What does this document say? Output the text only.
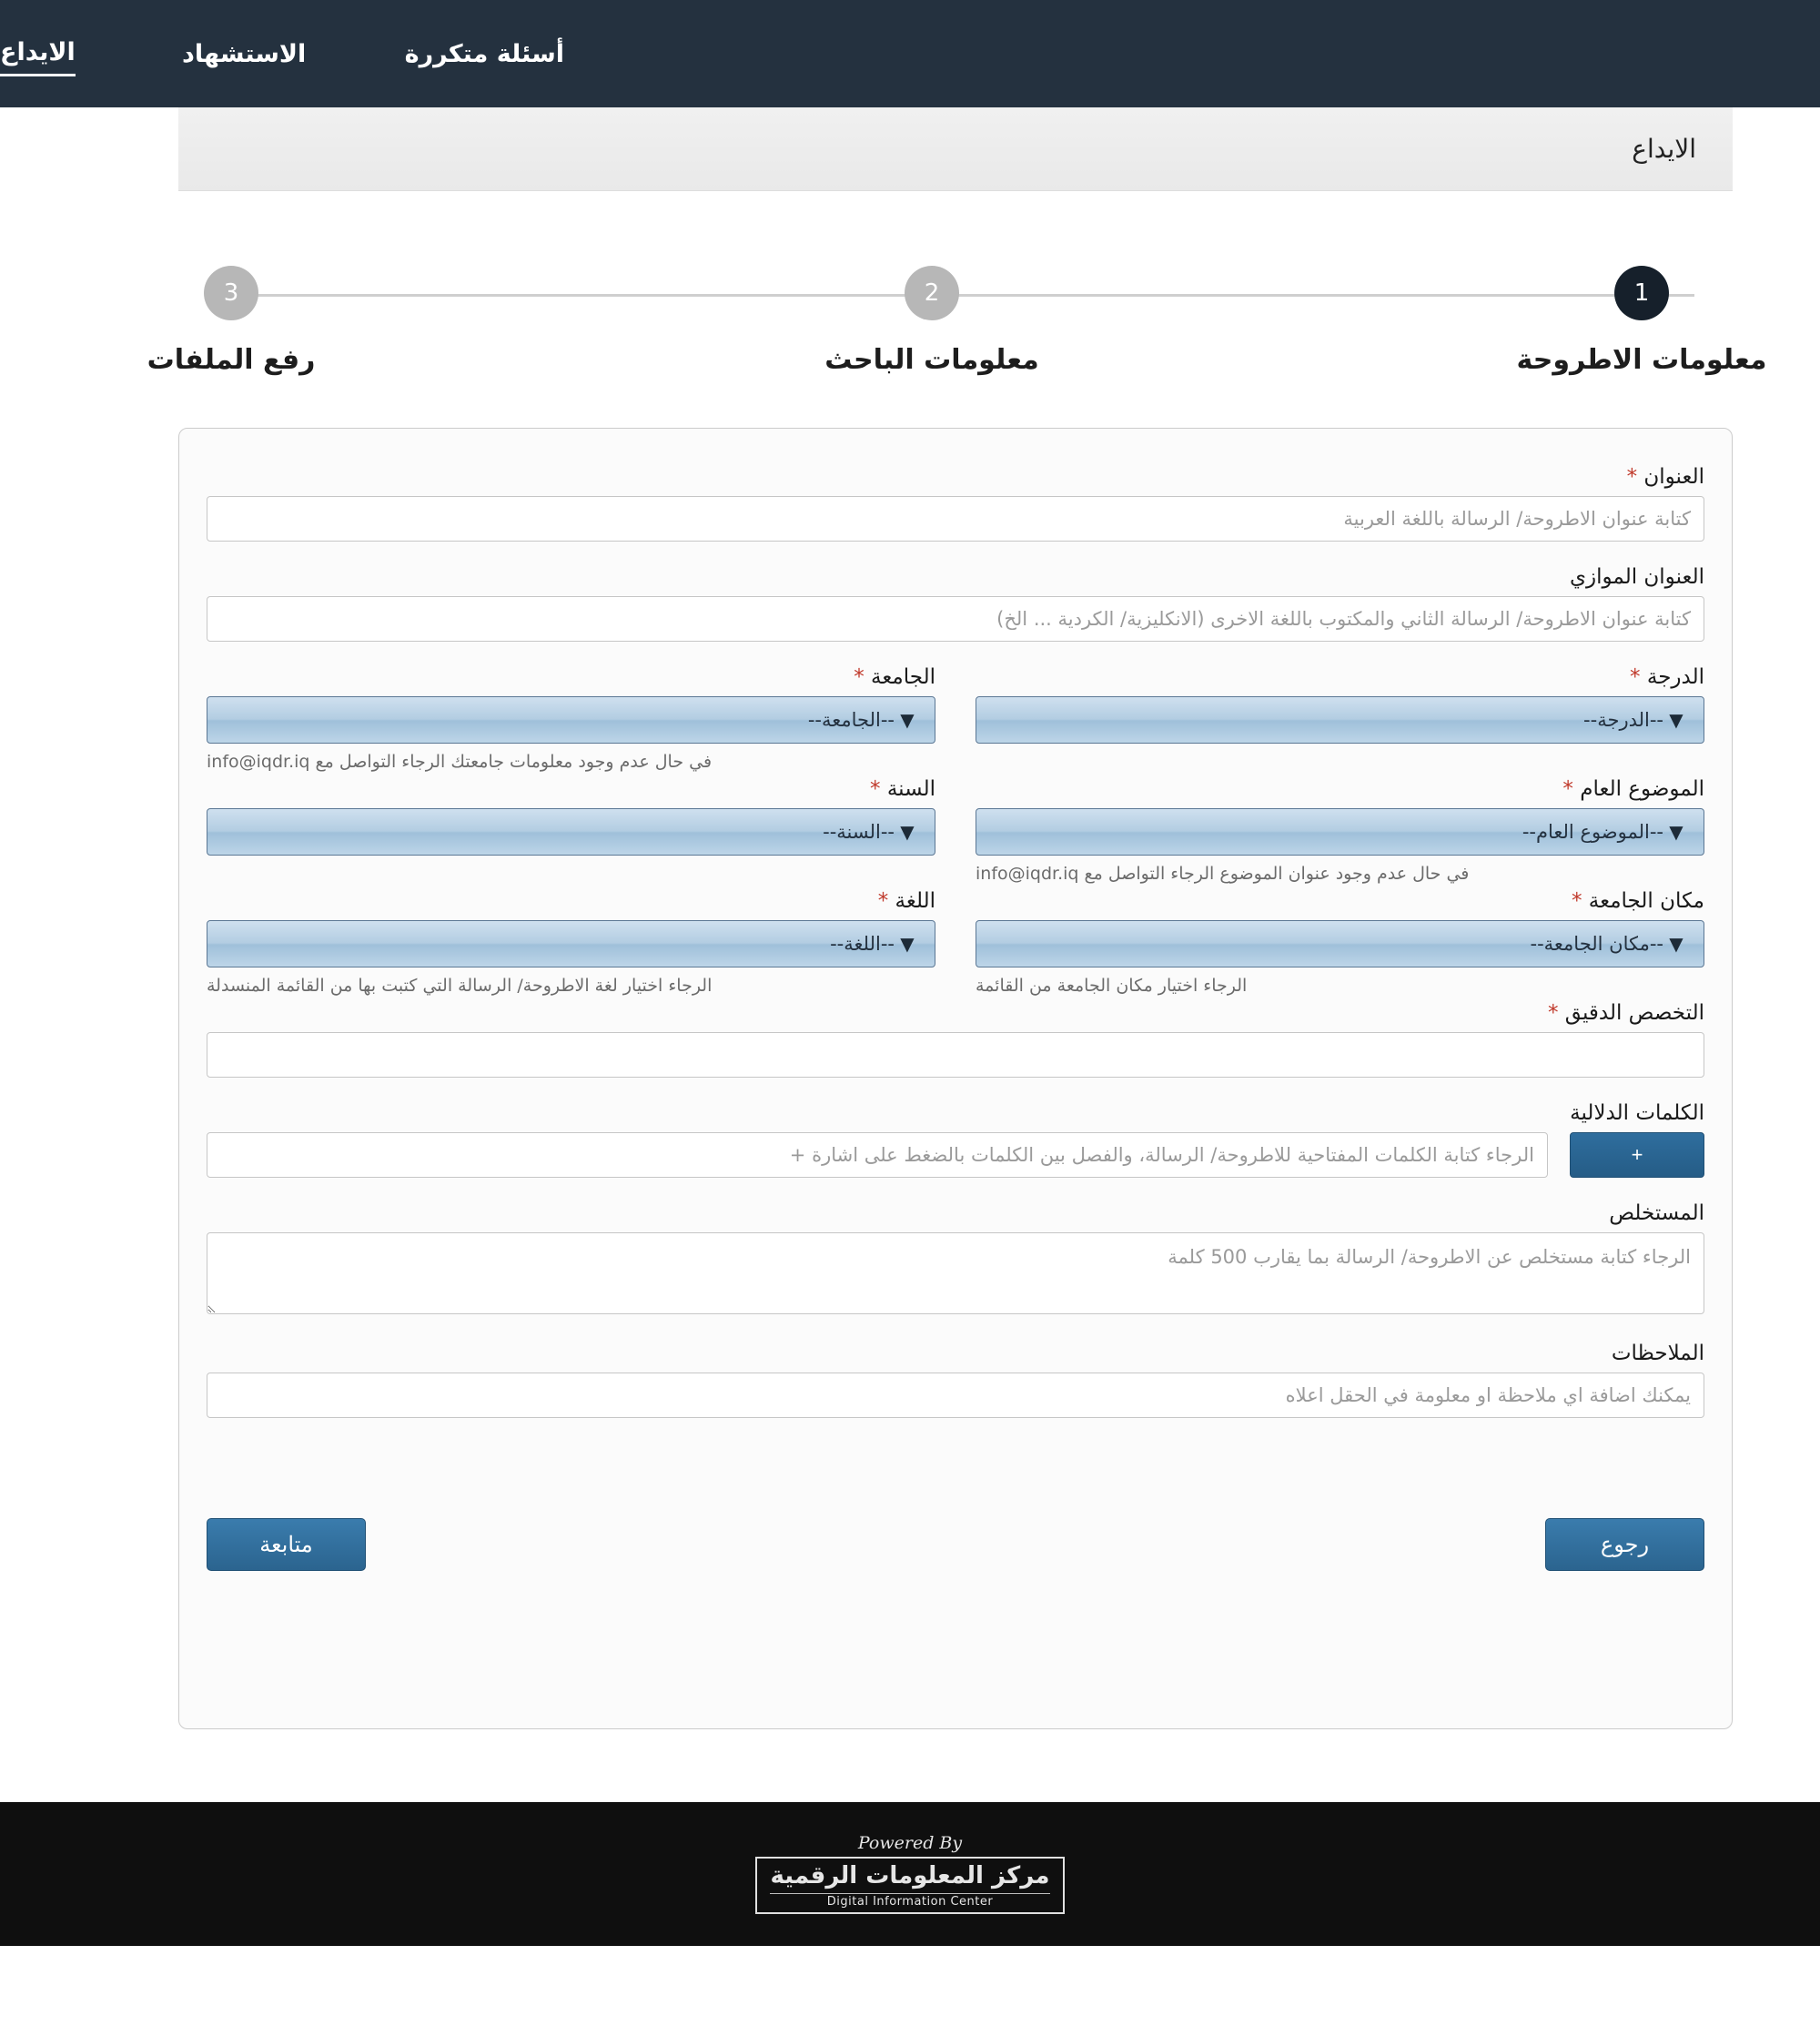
أسئلة متكررة
الاستشهاد
الايداع
الايداع
1
معلومات الاطروحة
2
معلومات الباحث
3
رفع الملفات
العنوان *
كتابة عنوان الاطروحة/ الرسالة باللغة العربية
العنوان الموازي
كتابة عنوان الاطروحة/ الرسالة الثاني والمكتوب باللغة الاخرى (الانكليزية/ الكردية ... الخ)
الدرجة *
▼
--الدرجة--
الجامعة *
▼
--الجامعة--
في حال عدم وجود معلومات جامعتك الرجاء التواصل مع info@iqdr.iq
الموضوع العام *
▼
--الموضوع العام--
في حال عدم وجود عنوان الموضوع الرجاء التواصل مع info@iqdr.iq
السنة *
▼
--السنة--
مكان الجامعة *
▼
--مكان الجامعة--
الرجاء اختيار مكان الجامعة من القائمة
اللغة *
▼
--اللغة--
الرجاء اختيار لغة الاطروحة/ الرسالة التي كتبت بها من القائمة المنسدلة
التخصص الدقيق *
الكلمات الدلالية
+
الرجاء كتابة الكلمات المفتاحية للاطروحة/ الرسالة، والفصل بين الكلمات بالضغط على اشارة +
المستخلص
الرجاء كتابة مستخلص عن الاطروحة/ الرسالة بما يقارب 500 كلمة
الملاحظات
يمكنك اضافة اي ملاحظة او معلومة في الحقل اعلاه
رجوع
متابعة
Powered By
مركز المعلومات الرقمية
Digital Information Center
